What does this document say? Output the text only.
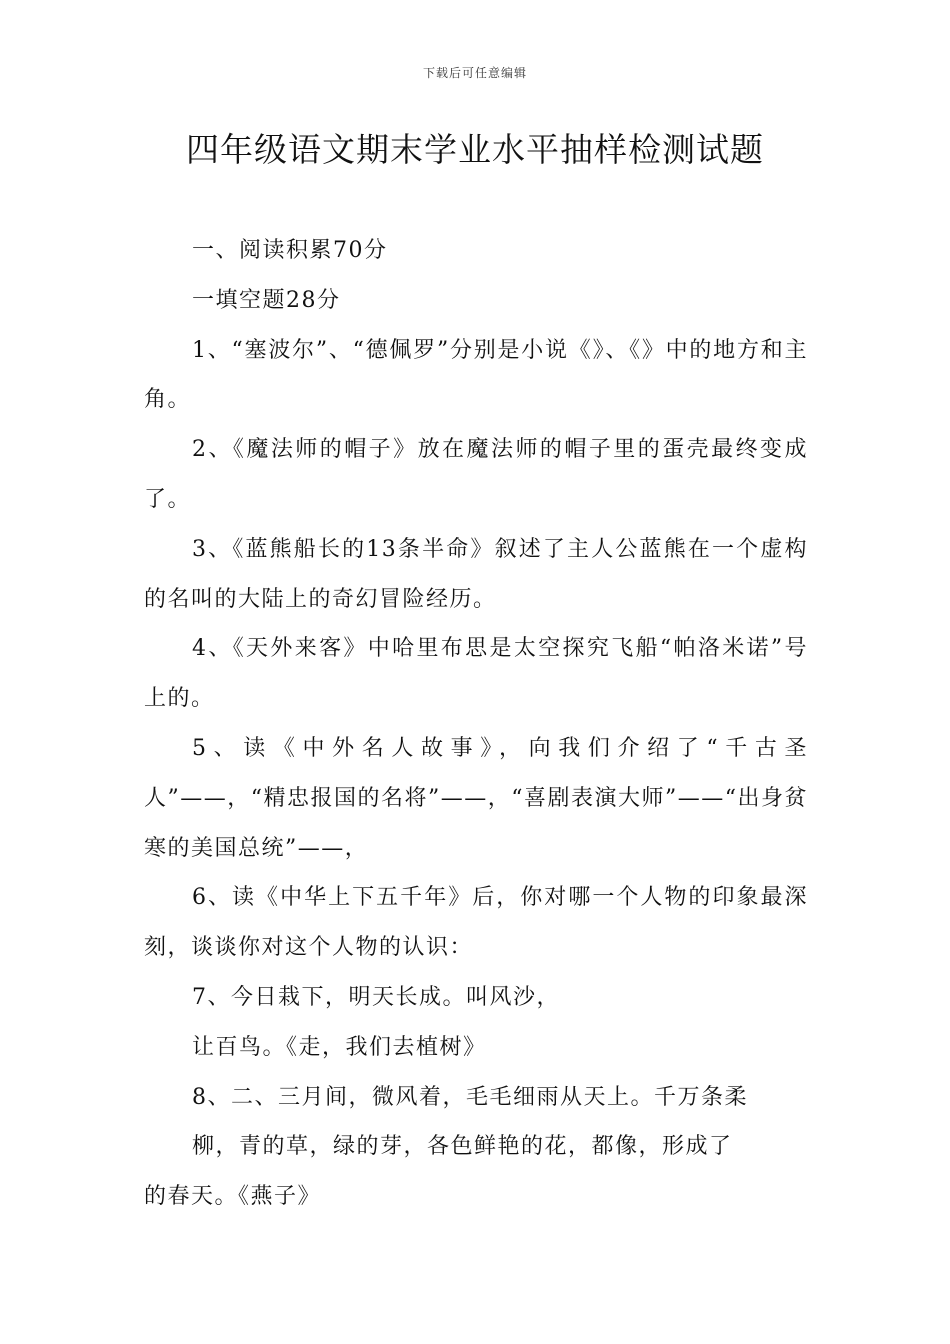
下载后可任意编辑
四年级语文期末学业水平抽样检测试题

一、阅读积累70分

一填空题28分

1、“塞波尔”、“德佩罗”分别是小说《》、《》中的地方和主角。

2、《魔法师的帽子》放在魔法师的帽子里的蛋壳最终变成了。

3、《蓝熊船长的13条半命》叙述了主人公蓝熊在一个虚构的名叫的大陆上的奇幻冒险经历。

4、《天外来客》中哈里布思是太空探究飞船“帕洛米诺”号上的。

5、读《中外名人故事》，向我们介绍了“千古圣人”——，“精忠报国的名将”——，“喜剧表演大师”——“出身贫寒的美国总统”——，

6、读《中华上下五千年》后，你对哪一个人物的印象最深刻，谈谈你对这个人物的认识：

7、今日栽下，明天长成。叫风沙，

让百鸟。《走，我们去植树》

8、二、三月间，微风着，毛毛细雨从天上。千万条柔

柳，青的草，绿的芽，各色鲜艳的花，都像，形成了

的春天。《燕子》
